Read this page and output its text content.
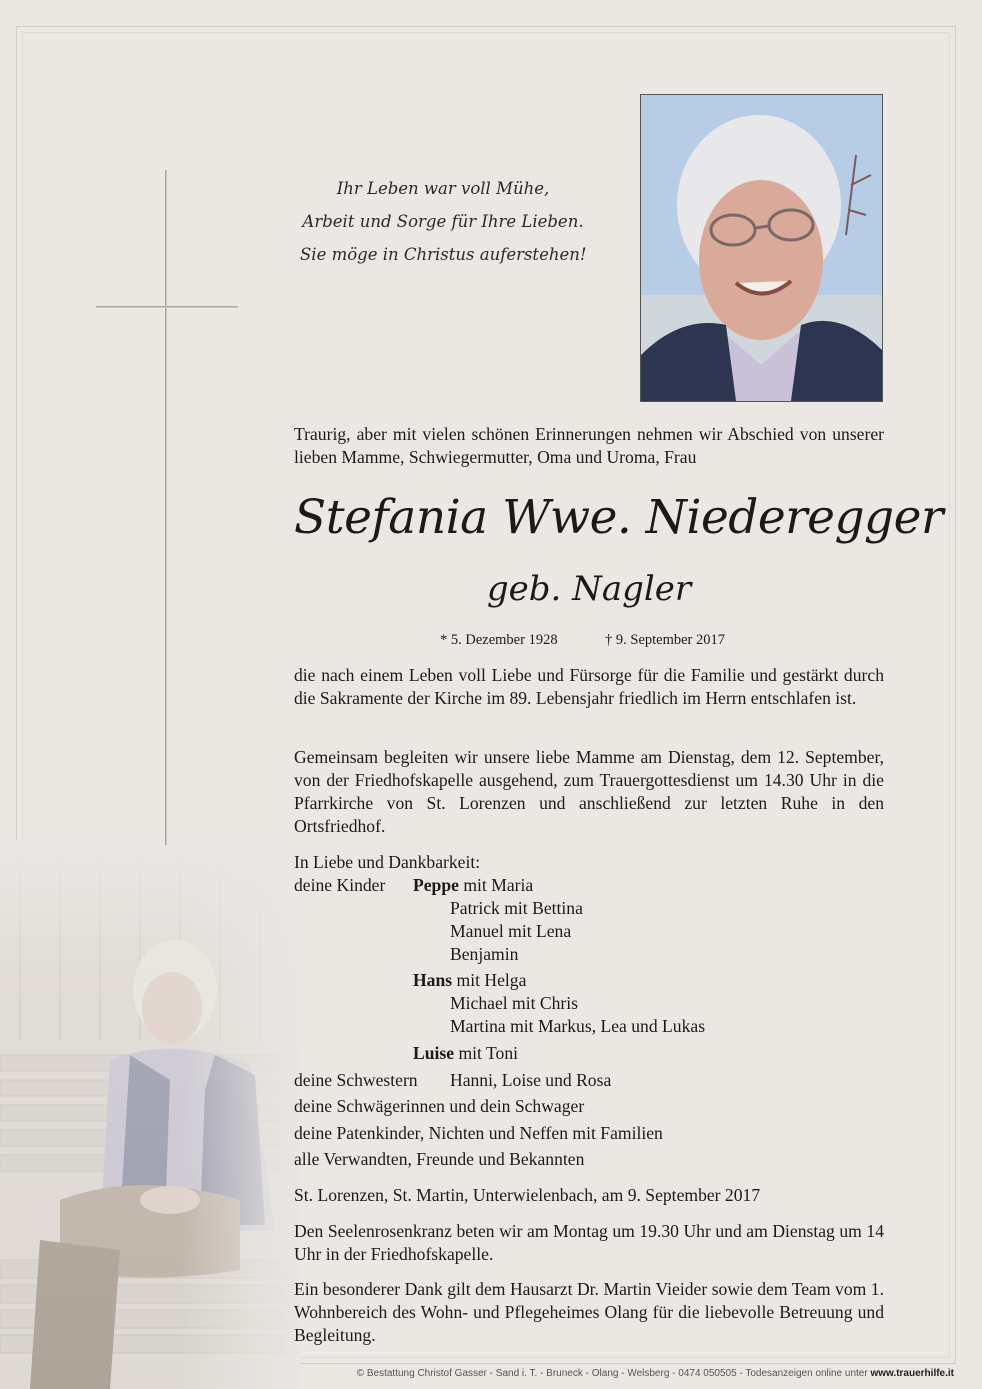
Ihr Leben war voll Mühe,
Arbeit und Sorge für Ihre Lieben.
Sie möge in Christus auferstehen!
Traurig, aber mit vielen schönen Erinnerungen nehmen wir Abschied von unserer lieben Mamme, Schwiegermutter, Oma und Uroma, Frau
Stefania Wwe. Niederegger
geb. Nagler
* 5. Dezember 1928	† 9. September 2017
die nach einem Leben voll Liebe und Fürsorge für die Familie und gestärkt durch die Sakramente der Kirche im 89. Lebensjahr friedlich im Herrn entschlafen ist.
Gemeinsam begleiten wir unsere liebe Mamme am Dienstag, dem 12. September, von der Friedhofskapelle ausgehend, zum Trauergottesdienst um 14.30 Uhr in die Pfarrkirche von St. Lorenzen und anschließend zur letzten Ruhe in den Ortsfriedhof.
In Liebe und Dankbarkeit:
deine Kinder Peppe mit Maria
Patrick mit Bettina
Manuel mit Lena
Benjamin
Hans mit Helga
Michael mit Chris
Martina mit Markus, Lea und Lukas
Luise mit Toni
deine Schwestern Hanni, Loise und Rosa
deine Schwägerinnen und dein Schwager
deine Patenkinder, Nichten und Neffen mit Familien
alle Verwandten, Freunde und Bekannten
St. Lorenzen, St. Martin, Unterwielenbach, am 9. September 2017
Den Seelenrosenkranz beten wir am Montag um 19.30 Uhr und am Dienstag um 14 Uhr in der Friedhofskapelle.
Ein besonderer Dank gilt dem Hausarzt Dr. Martin Vieider sowie dem Team vom 1. Wohnbereich des Wohn- und Pflegeheimes Olang für die liebevolle Betreuung und Begleitung.
© Bestattung Christof Gasser - Sand i. T. - Bruneck - Olang - Welsberg - 0474 050505 - Todesanzeigen online unter www.trauerhilfe.it
